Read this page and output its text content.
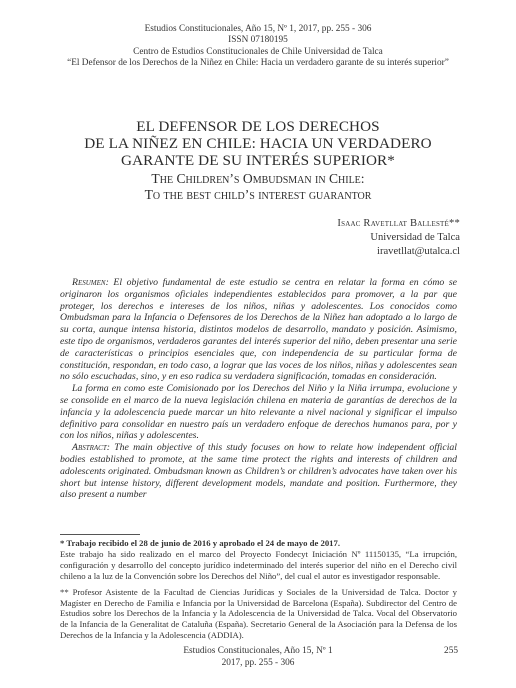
Estudios Constitucionales, Año 15, Nº 1, 2017, pp. 255 - 306
ISSN 07180195
Centro de Estudios Constitucionales de Chile Universidad de Talca
“El Defensor de los Derechos de la Niñez en Chile: Hacia un verdadero garante de su interés superior”
EL DEFENSOR DE LOS DERECHOS
DE LA NIÑEZ EN CHILE: HACIA UN VERDADERO
GARANTE DE SU INTERÉS SUPERIOR*
The Children’s Ombudsman in Chile:
To the best child’s interest guarantor
Isaac Ravetllat Ballesté**
Universidad de Talca
iravetllat@utalca.cl

Resumen: El objetivo fundamental de este estudio se centra en relatar la forma en cómo se originaron los organismos oficiales independientes establecidos para promover, a la par que proteger, los derechos e intereses de los niños, niñas y adolescentes. Los conocidos como Ombudsman para la Infancia o Defensores de los Derechos de la Niñez han adoptado a lo largo de su corta, aunque intensa historia, distintos modelos de desarrollo, mandato y posición. Asimismo, este tipo de organismos, verdaderos garantes del interés superior del niño, deben presentar una serie de características o principios esenciales que, con independencia de su particular forma de constitución, respondan, en todo caso, a lograr que las voces de los niños, niñas y adolescentes sean no sólo escuchadas, sino, y en eso radica su verdadera significación, tomadas en consideración.

La forma en como este Comisionado por los Derechos del Niño y la Niña irrumpa, evolucione y se consolide en el marco de la nueva legislación chilena en materia de garantías de derechos de la infancia y la adolescencia puede marcar un hito relevante a nivel nacional y significar el impulso definitivo para consolidar en nuestro país un verdadero enfoque de derechos humanos para, por y con los niños, niñas y adolescentes.

Abstract: The main objective of this study focuses on how to relate how independent official bodies established to promote, at the same time protect the rights and interests of children and adolescents originated. Ombudsman known as Children’s or children’s advocates have taken over his short but intense history, different development models, mandate and position. Furthermore, they also present a number

* Trabajo recibido el 28 de junio de 2016 y aprobado el 24 de mayo de 2017.
Este trabajo ha sido realizado en el marco del Proyecto Fondecyt Iniciación Nº 11150135, “La irrupción, configuración y desarrollo del concepto jurídico indeterminado del interés superior del niño en el Derecho civil chileno a la luz de la Convención sobre los Derechos del Niño”, del cual el autor es investigador responsable.

** Profesor Asistente de la Facultad de Ciencias Jurídicas y Sociales de la Universidad de Talca. Doctor y Magíster en Derecho de Familia e Infancia por la Universidad de Barcelona (España). Subdirector del Centro de Estudios sobre los Derechos de la Infancia y la Adolescencia de la Universidad de Talca. Vocal del Observatorio de la Infancia de la Generalitat de Cataluña (España). Secretario General de la Asociación para la Defensa de los Derechos de la Infancia y la Adolescencia (ADDIA).

Estudios Constitucionales, Año 15, Nº 1
2017, pp. 255 - 306
255
